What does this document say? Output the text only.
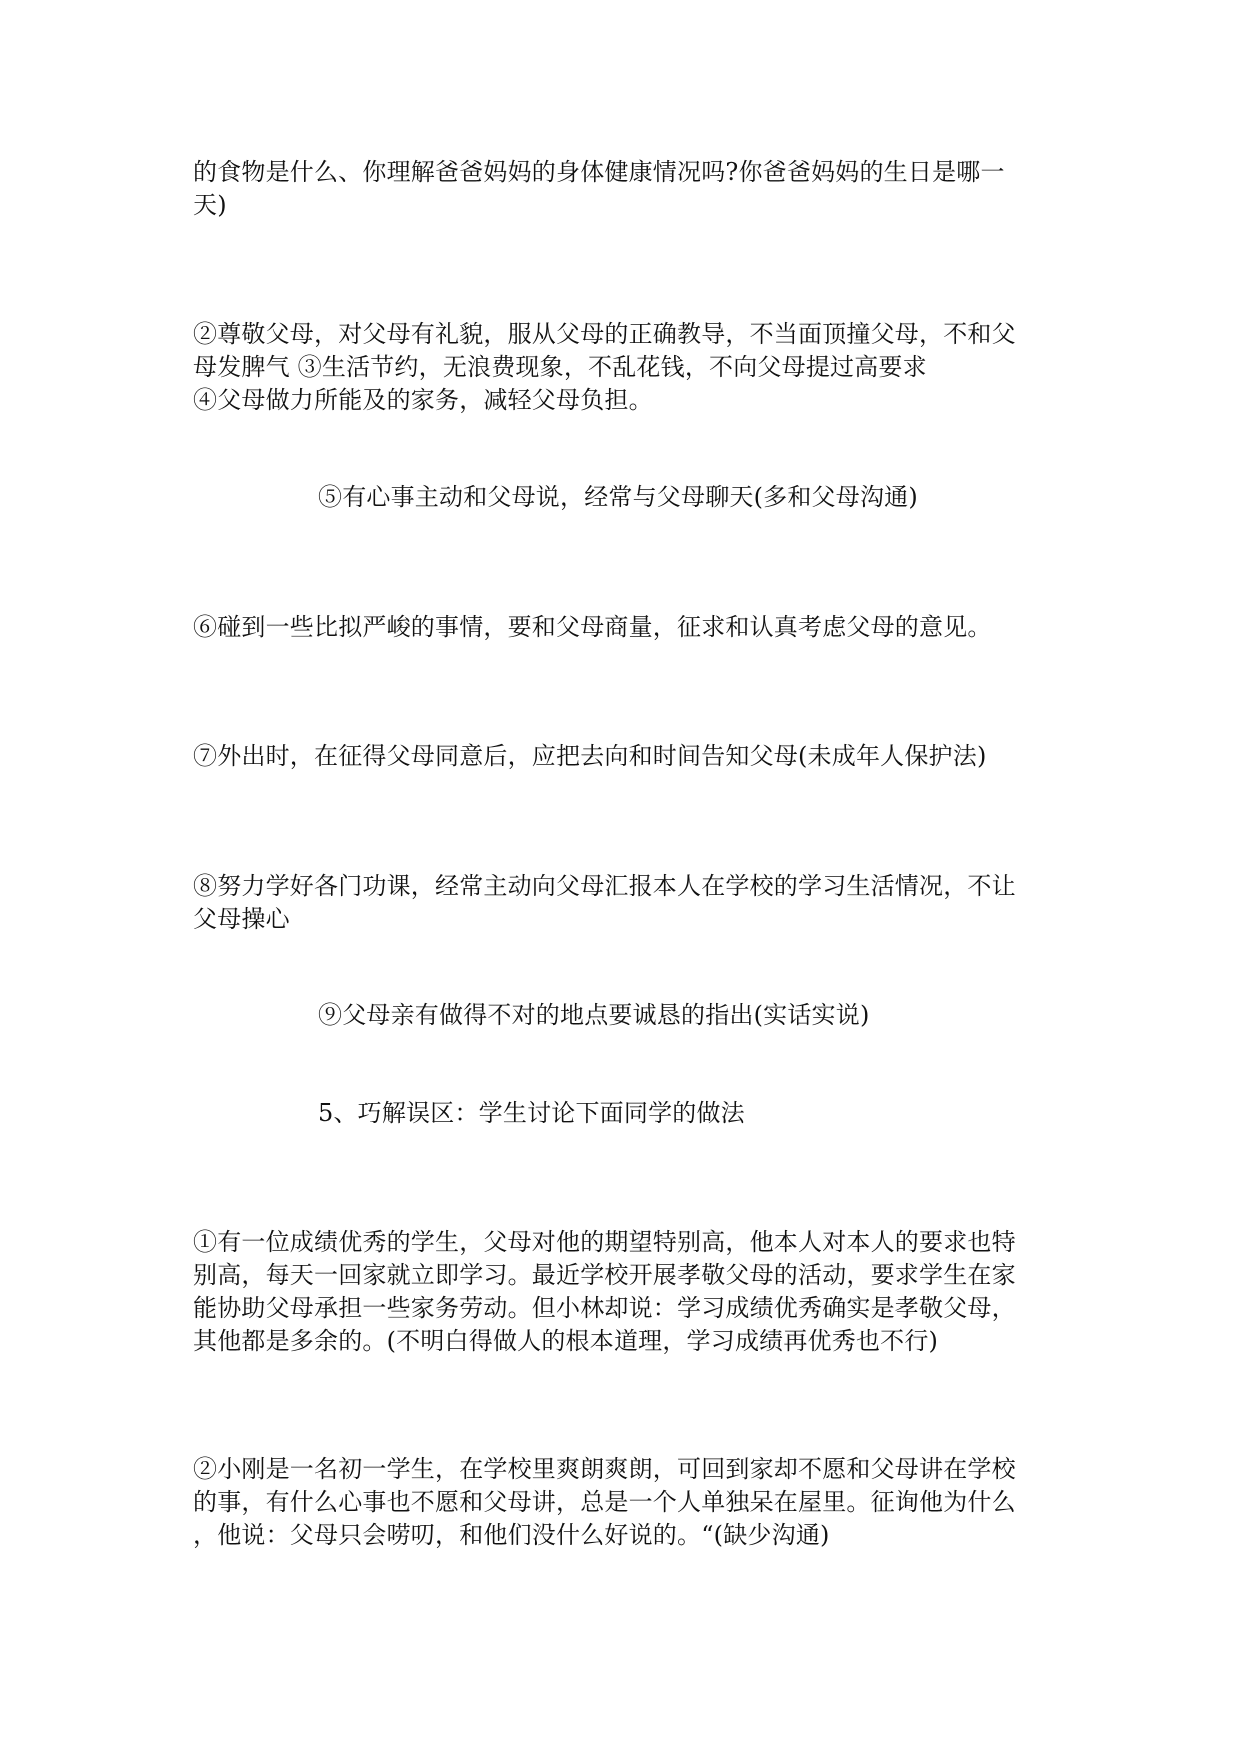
的食物是什么、你理解爸爸妈妈的身体健康情况吗?你爸爸妈妈的生日是哪一
天)
②尊敬父母，对父母有礼貌，服从父母的正确教导，不当面顶撞父母，不和父
母发脾气 ③生活节约，无浪费现象，不乱花钱，不向父母提过高要求
④父母做力所能及的家务，减轻父母负担。
⑤有心事主动和父母说，经常与父母聊天(多和父母沟通)
⑥碰到一些比拟严峻的事情，要和父母商量，征求和认真考虑父母的意见。
⑦外出时，在征得父母同意后，应把去向和时间告知父母(未成年人保护法)
⑧努力学好各门功课，经常主动向父母汇报本人在学校的学习生活情况，不让
父母操心
⑨父母亲有做得不对的地点要诚恳的指出(实话实说)
5、巧解误区：学生讨论下面同学的做法
①有一位成绩优秀的学生，父母对他的期望特别高，他本人对本人的要求也特
别高，每天一回家就立即学习。最近学校开展孝敬父母的活动，要求学生在家
能协助父母承担一些家务劳动。但小林却说：学习成绩优秀确实是孝敬父母，
其他都是多余的。(不明白得做人的根本道理，学习成绩再优秀也不行)
②小刚是一名初一学生，在学校里爽朗爽朗，可回到家却不愿和父母讲在学校
的事，有什么心事也不愿和父母讲，总是一个人单独呆在屋里。征询他为什么
，他说：父母只会唠叨，和他们没什么好说的。“(缺少沟通)
